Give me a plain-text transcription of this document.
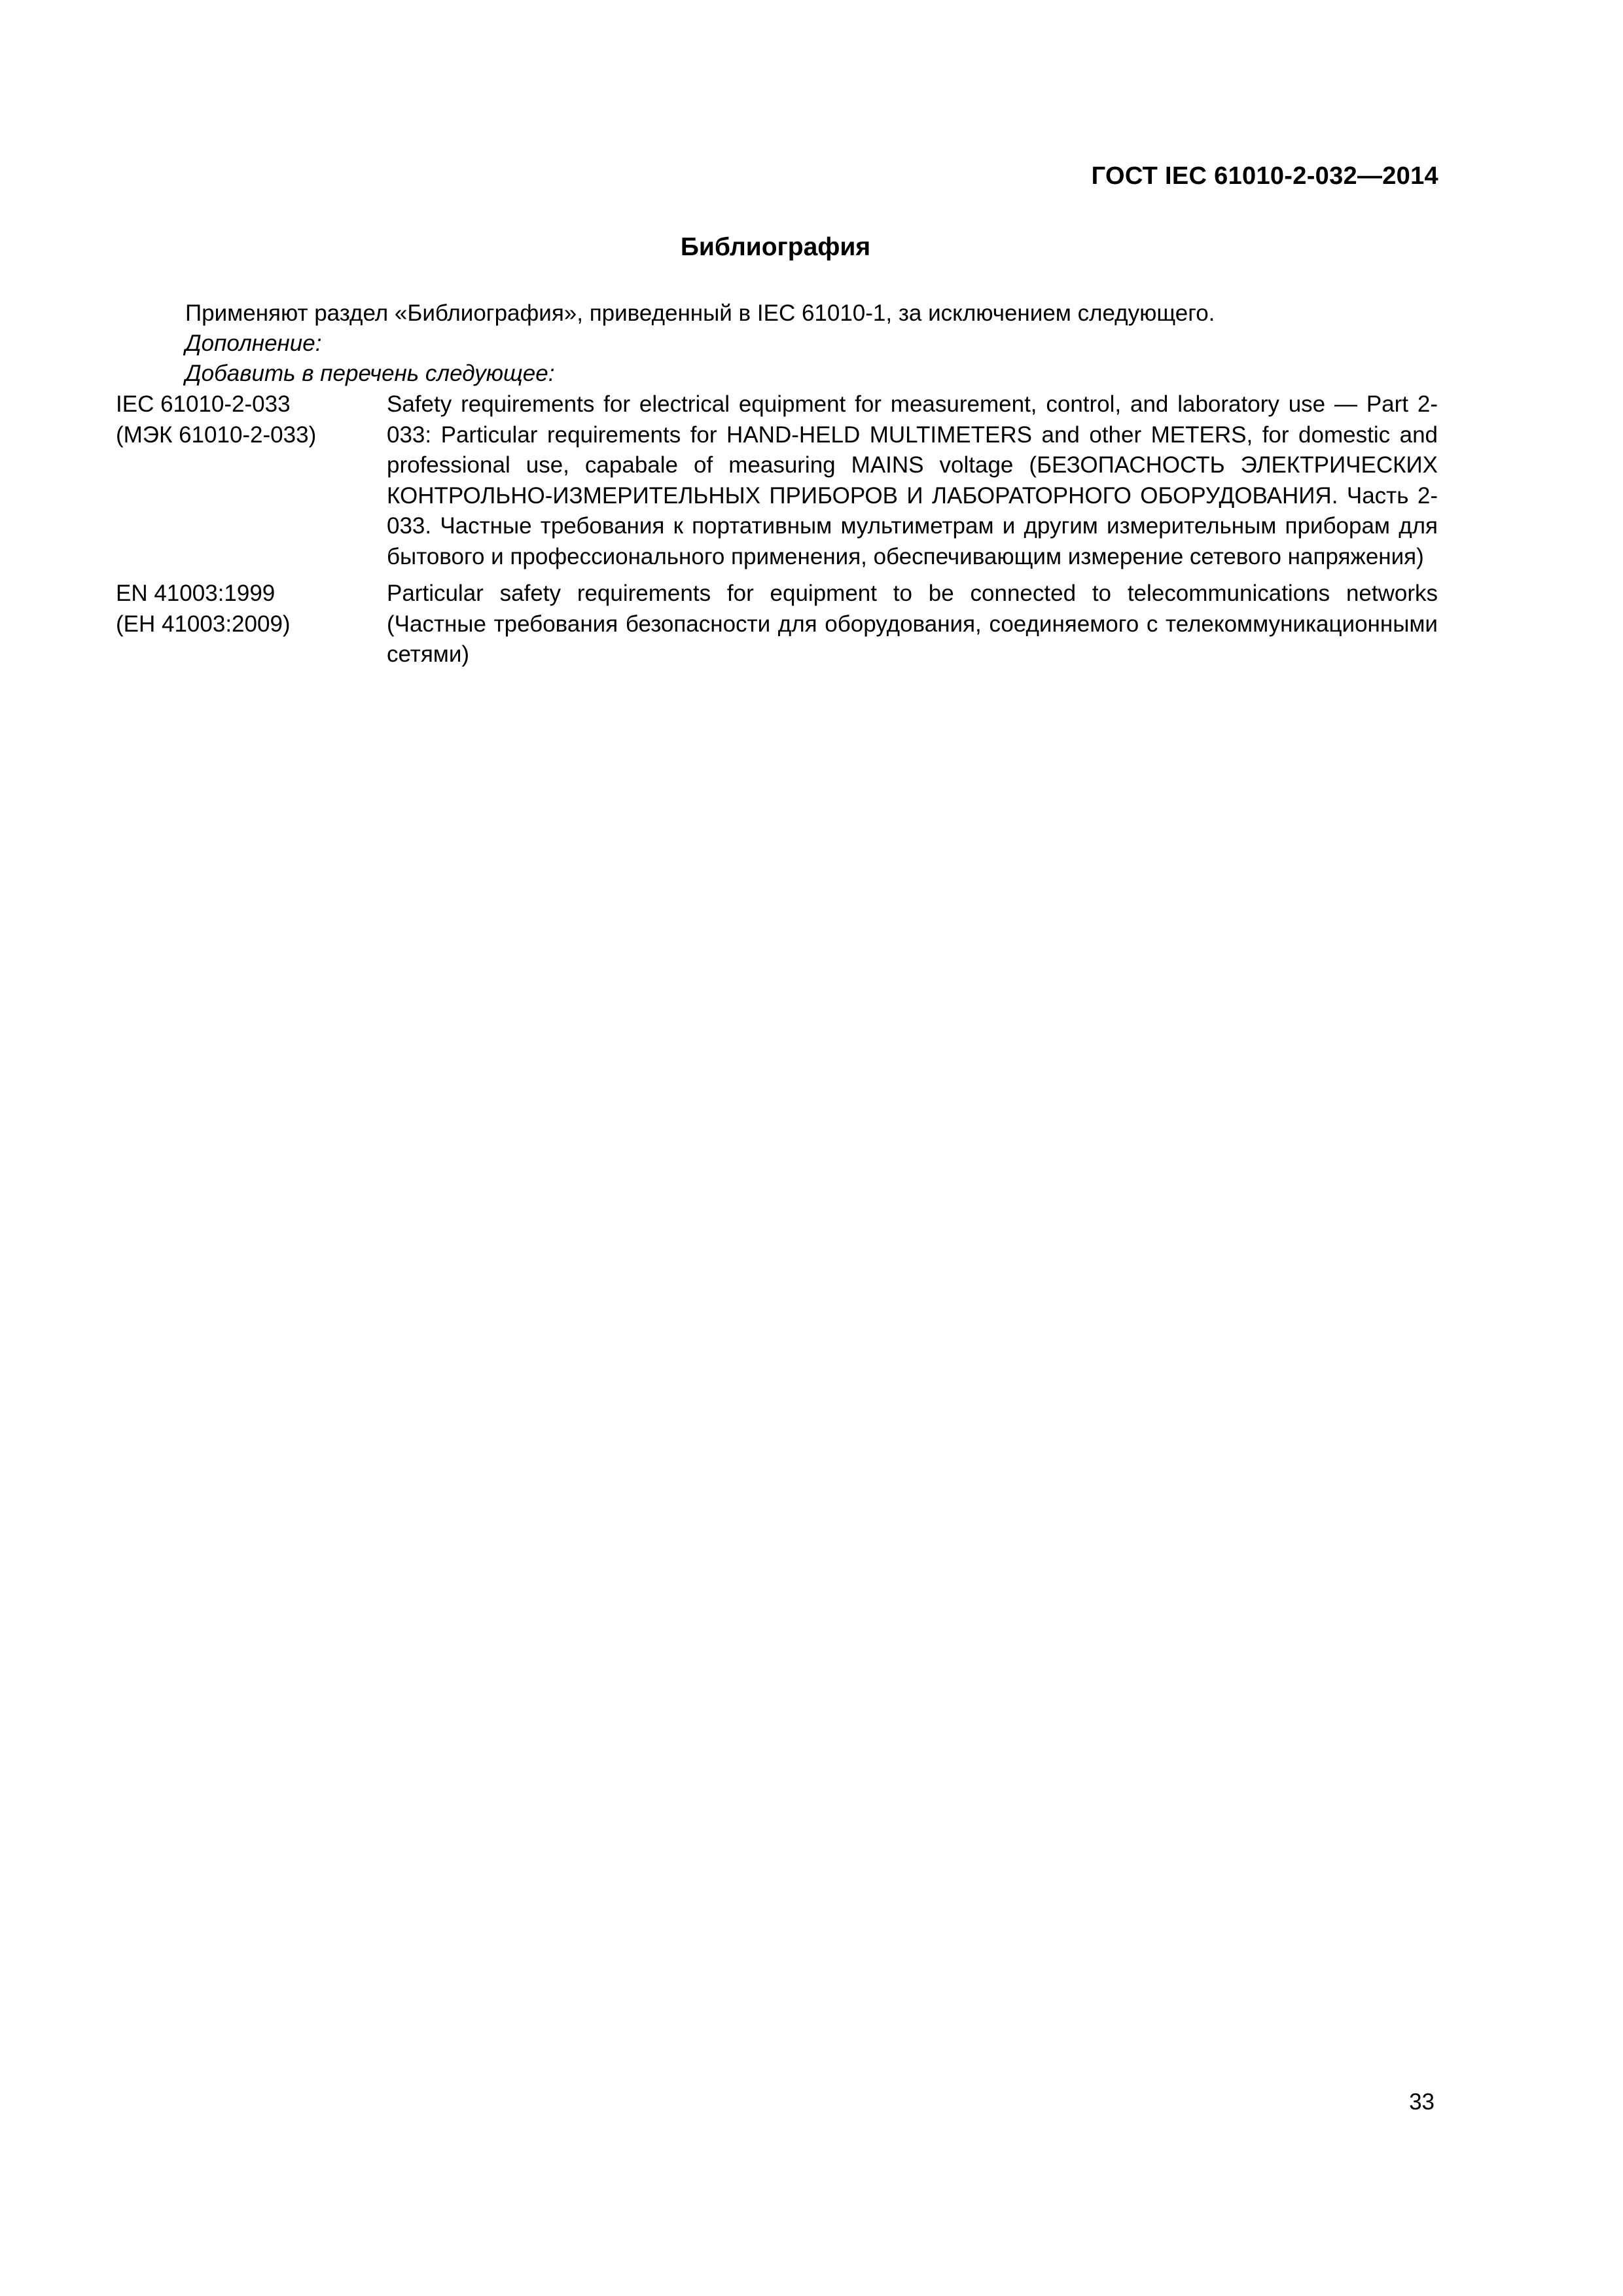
ГОСТ IEC 61010-2-032—2014
Библиография

Применяют раздел «Библиография», приведенный в IEC 61010-1, за исключением следующего.

Дополнение:

Добавить в перечень следующее:

IEC 61010-2-033
(МЭК 61010-2-033)
Safety requirements for electrical equipment for measurement, control, and laboratory use — Part 2-033: Particular requirements for HAND-HELD MULTIMETERS and other METERS, for domestic and professional use, capabale of measuring MAINS voltage (БЕЗОПАСНОСТЬ ЭЛЕКТРИЧЕСКИХ КОНТРОЛЬНО-ИЗМЕРИТЕЛЬНЫХ ПРИБОРОВ И ЛАБОРАТОРНОГО ОБОРУДОВАНИЯ. Часть 2-033. Частные требования к портативным мультиметрам и другим измерительным приборам для бытового и профессионального применения, обеспечивающим измерение сетевого напряжения)
EN 41003:1999
(ЕН 41003:2009)
Particular safety requirements for equipment to be connected to telecommunications networks (Частные требования безопасности для оборудования, соединяемого с телекоммуникационными сетями)
33
